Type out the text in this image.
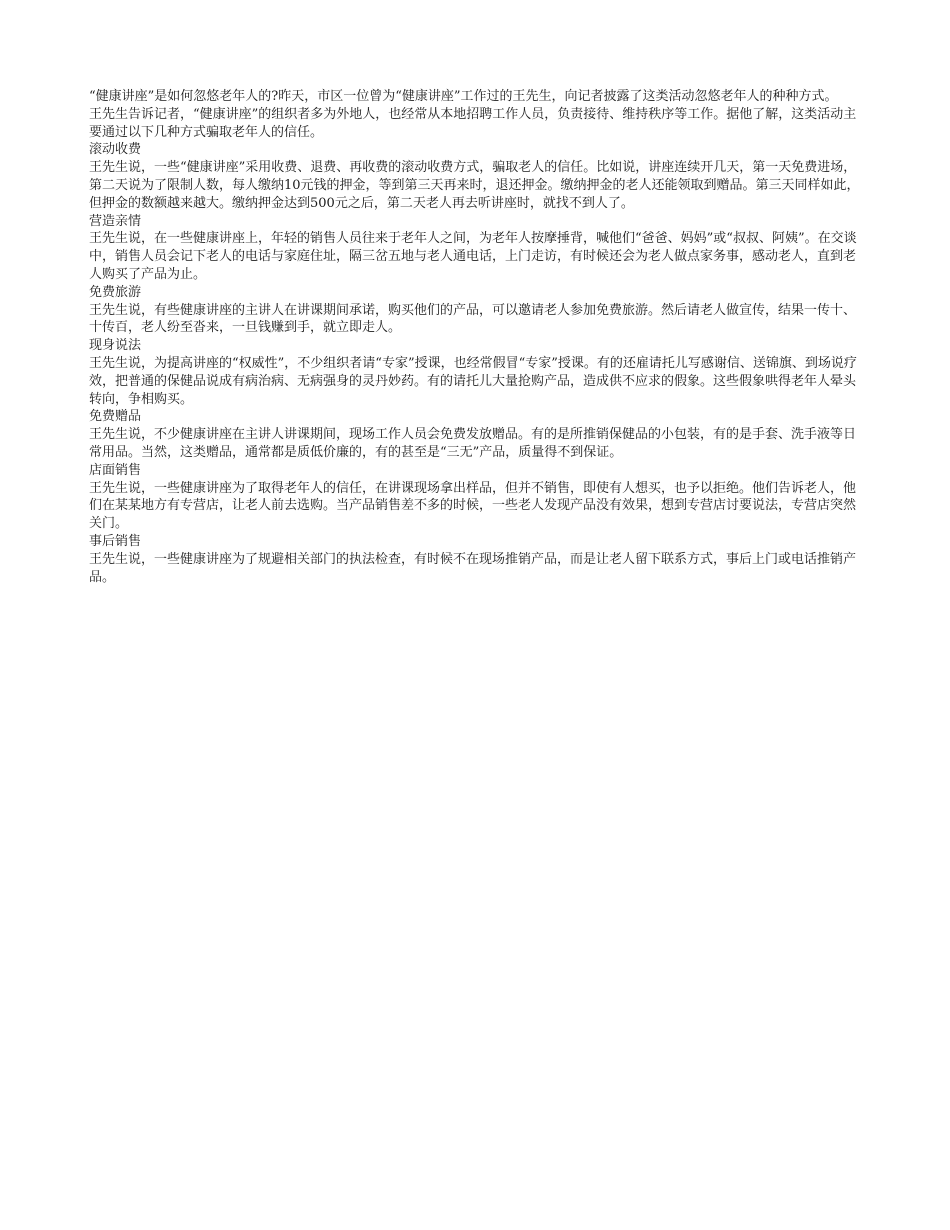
“健康讲座”是如何忽悠老年人的?昨天，市区一位曾为“健康讲座”工作过的王先生，向记者披露了这类活动忽悠老年人的种种方式。

王先生告诉记者，“健康讲座”的组织者多为外地人，也经常从本地招聘工作人员，负责接待、维持秩序等工作。据他了解，这类活动主要通过以下几种方式骗取老年人的信任。

滚动收费

王先生说，一些“健康讲座”采用收费、退费、再收费的滚动收费方式，骗取老人的信任。比如说，讲座连续开几天，第一天免费进场，第二天说为了限制人数，每人缴纳10元钱的押金，等到第三天再来时，退还押金。缴纳押金的老人还能领取到赠品。第三天同样如此，但押金的数额越来越大。缴纳押金达到500元之后，第二天老人再去听讲座时，就找不到人了。

营造亲情

王先生说，在一些健康讲座上，年轻的销售人员往来于老年人之间，为老年人按摩捶背，喊他们“爸爸、妈妈”或“叔叔、阿姨”。在交谈中，销售人员会记下老人的电话与家庭住址，隔三岔五地与老人通电话，上门走访，有时候还会为老人做点家务事，感动老人，直到老人购买了产品为止。

免费旅游

王先生说，有些健康讲座的主讲人在讲课期间承诺，购买他们的产品，可以邀请老人参加免费旅游。然后请老人做宣传，结果一传十、十传百，老人纷至沓来，一旦钱赚到手，就立即走人。

现身说法

王先生说，为提高讲座的“权威性”，不少组织者请“专家”授课，也经常假冒“专家”授课。有的还雇请托儿写感谢信、送锦旗、到场说疗效，把普通的保健品说成有病治病、无病强身的灵丹妙药。有的请托儿大量抢购产品，造成供不应求的假象。这些假象哄得老年人晕头转向，争相购买。

免费赠品

王先生说，不少健康讲座在主讲人讲课期间，现场工作人员会免费发放赠品。有的是所推销保健品的小包装，有的是手套、洗手液等日常用品。当然，这类赠品，通常都是质低价廉的，有的甚至是“三无”产品，质量得不到保证。

店面销售

王先生说，一些健康讲座为了取得老年人的信任，在讲课现场拿出样品，但并不销售，即使有人想买，也予以拒绝。他们告诉老人，他们在某某地方有专营店，让老人前去选购。当产品销售差不多的时候，一些老人发现产品没有效果，想到专营店讨要说法，专营店突然关门。

事后销售

王先生说，一些健康讲座为了规避相关部门的执法检查，有时候不在现场推销产品，而是让老人留下联系方式，事后上门或电话推销产品。
